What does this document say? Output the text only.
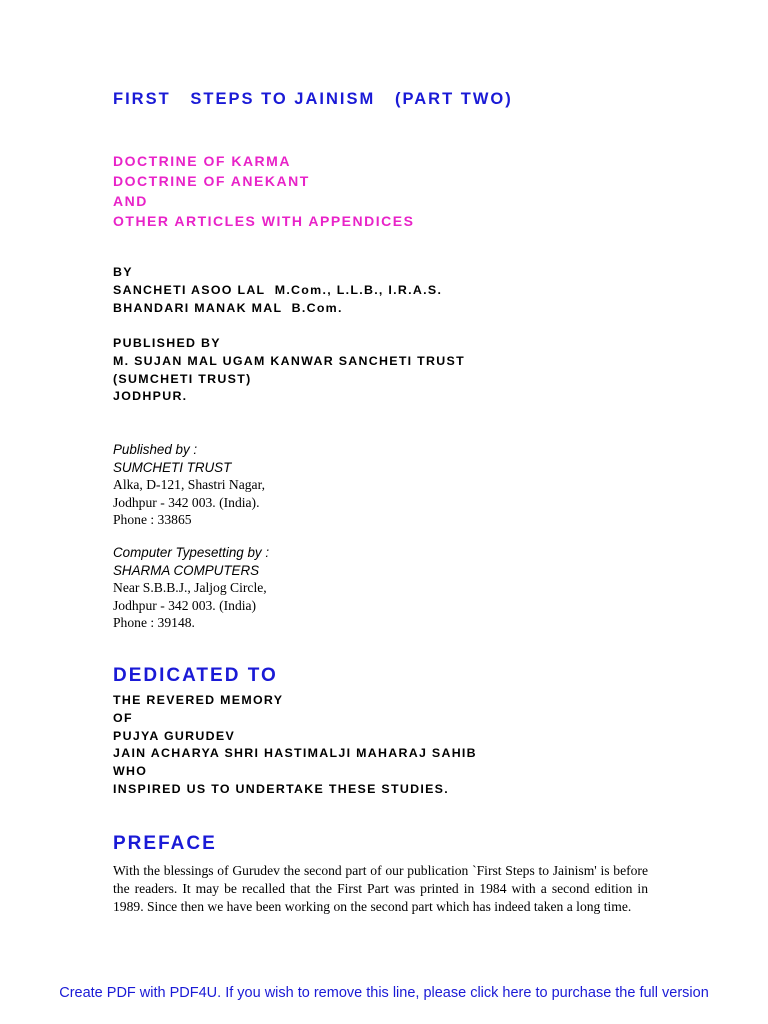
FIRST   STEPS TO JAINISM   (PART TWO)
DOCTRINE OF KARMA
DOCTRINE OF ANEKANT
AND
OTHER ARTICLES WITH APPENDICES
BY
SANCHETI ASOO LAL  M.Com., L.L.B., I.R.A.S.
BHANDARI MANAK MAL  B.Com.
PUBLISHED BY
M. SUJAN MAL UGAM KANWAR SANCHETI TRUST
(SUMCHETI TRUST)
JODHPUR.
Published by :
SUMCHETI TRUST
Alka, D-121, Shastri Nagar,
Jodhpur - 342 003. (India).
Phone : 33865
Computer Typesetting by :
SHARMA COMPUTERS
Near S.B.B.J., Jaljog Circle,
Jodhpur - 342 003. (India)
Phone : 39148.
DEDICATED TO
THE REVERED MEMORY
OF
PUJYA GURUDEV
JAIN ACHARYA SHRI HASTIMALJI MAHARAJ SAHIB
WHO
INSPIRED US TO UNDERTAKE THESE STUDIES.
PREFACE

With the blessings of Gurudev the second part of our publication `First Steps to Jainism' is before the readers. It may be recalled that the First Part was printed in 1984 with a second edition in 1989. Since then we have been working on the second part which has indeed taken a long time.

Create PDF with PDF4U. If you wish to remove this line, please click here to purchase the full version
